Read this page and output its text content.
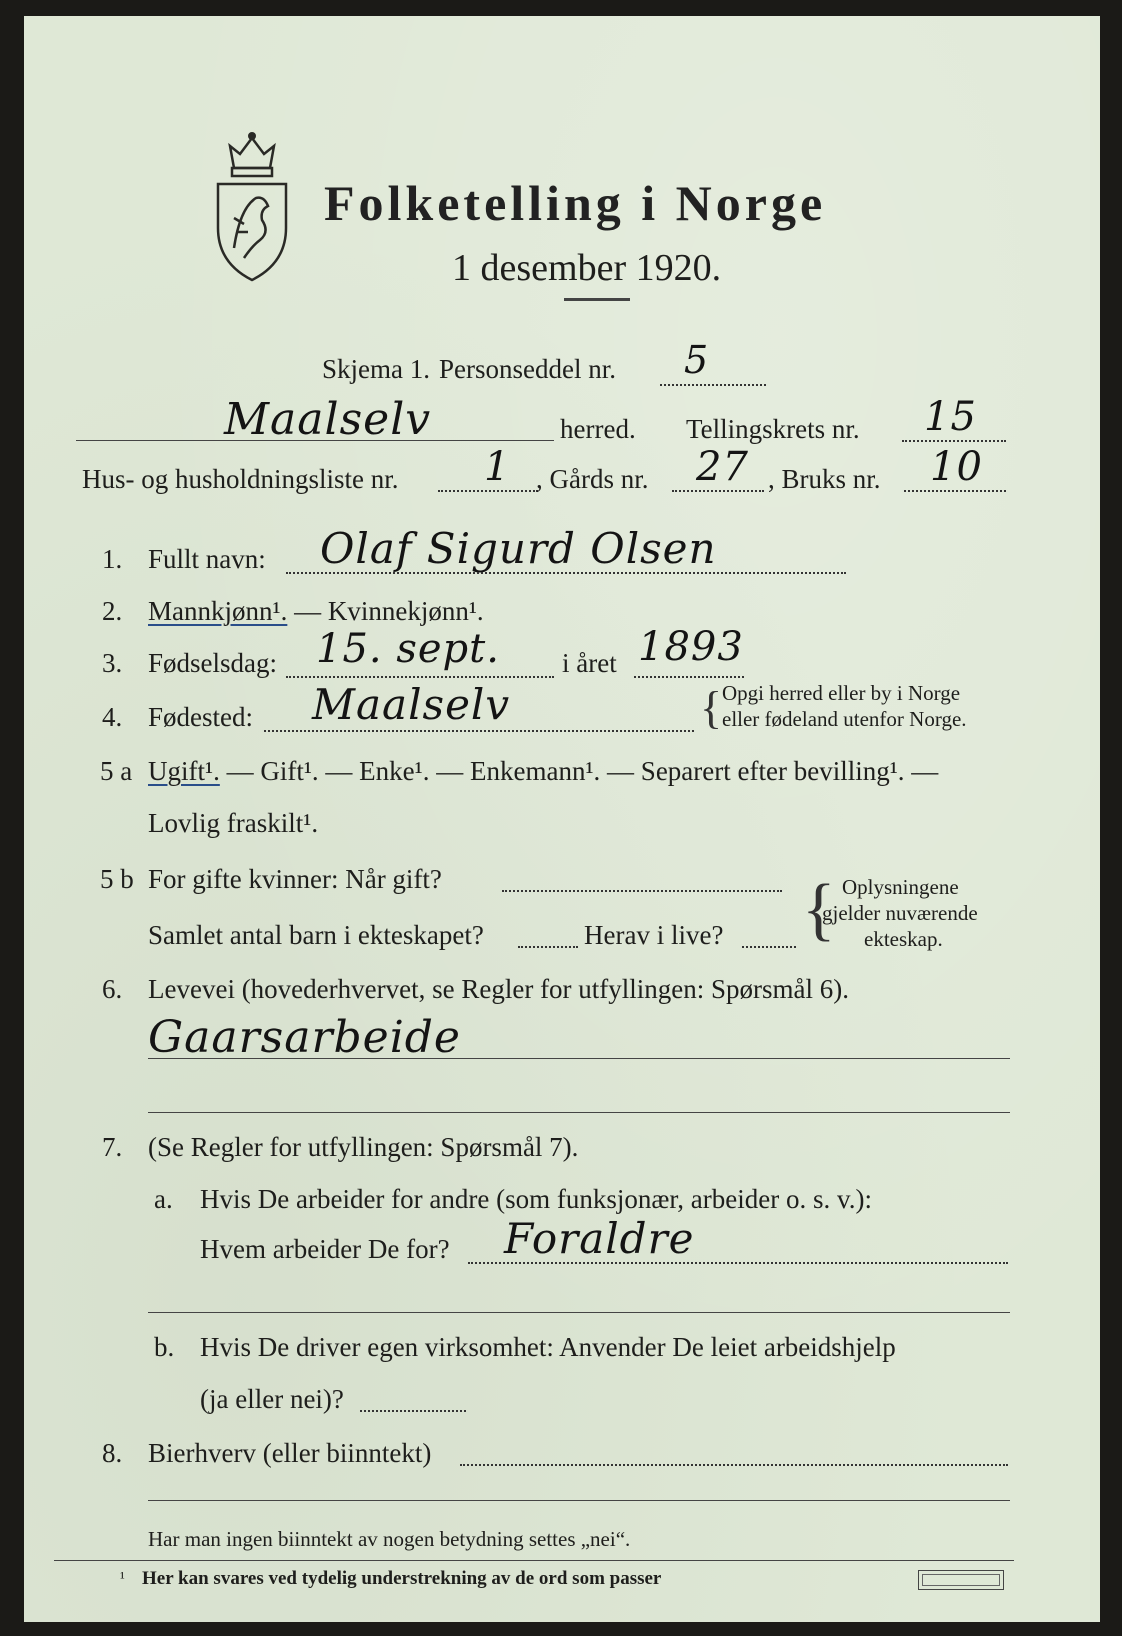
Folketelling i Norge
1 desember 1920.
Skjema 1. Personseddel nr. 5
Maalselv	herred. Tellingskrets nr. 15
Hus- og husholdningsliste nr. 1 , Gårds nr. 27 , Bruks nr. 10
1. Fullt navn: Olaf Sigurd Olsen
2. Mannkjønn¹. — Kvinnekjønn¹.
3. Fødselsdag: 15. sept. i året 1893
4. Fødested: Maalselv	{ Opgi herred eller by i Norge
eller fødeland utenfor Norge.
5 a Ugift¹. — Gift¹. — Enke¹. — Enkemann¹. — Separert efter bevilling¹. —
Lovlig fraskilt¹.
5 b For gifte kvinner: Når gift?
Samlet antal barn i ekteskapet?	Herav i live? { Oplysningene
gjelder nuværende
ekteskap.
6. Levevei (hovederhvervet, se Regler for utfyllingen: Spørsmål 6).
Gaarsarbeide
7. (Se Regler for utfyllingen: Spørsmål 7).
a. Hvis De arbeider for andre (som funksjonær, arbeider o. s. v.):
Hvem arbeider De for? Foraldre
b. Hvis De driver egen virksomhet: Anvender De leiet arbeidshjelp
(ja eller nei)?
8. Bierhverv (eller biinntekt)
Har man ingen biinntekt av nogen betydning settes „nei“.
¹ Her kan svares ved tydelig understrekning av de ord som passer
